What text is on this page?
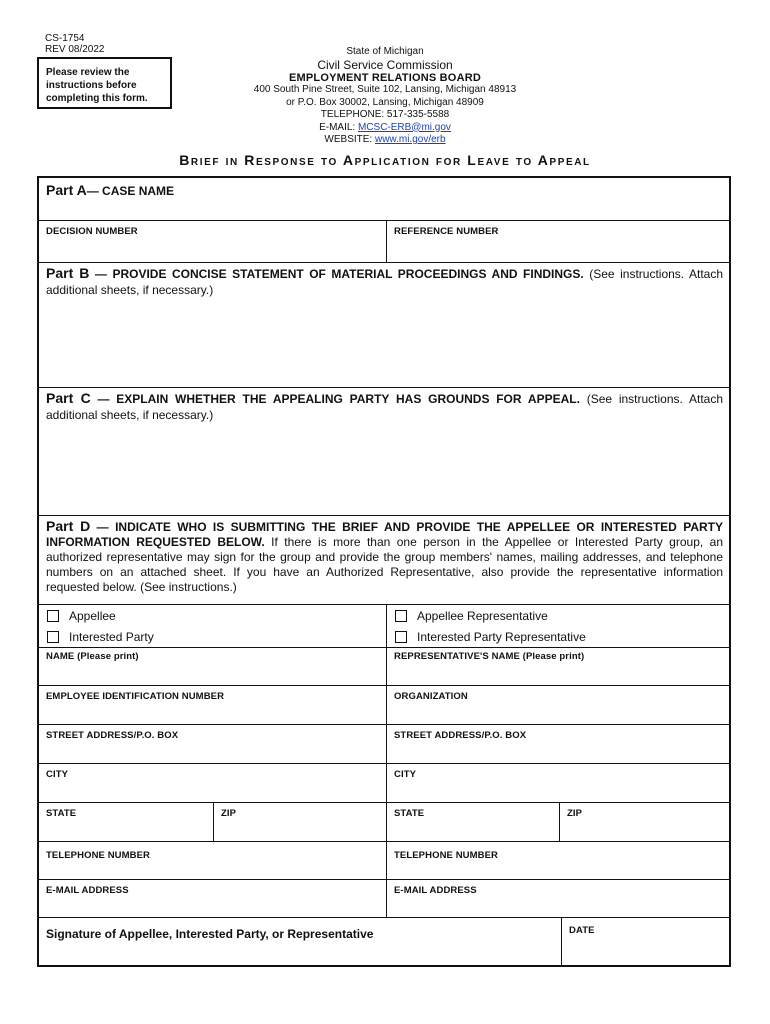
CS-1754
REV 08/2022
Please review the instructions before completing this form.
State of Michigan
Civil Service Commission
EMPLOYMENT RELATIONS BOARD
400 South Pine Street, Suite 102, Lansing, Michigan 48913
or P.O. Box 30002, Lansing, Michigan 48909
TELEPHONE: 517-335-5588
E-MAIL: MCSC-ERB@mi.gov
WEBSITE: www.mi.gov/erb
Brief in Response to Application for Leave to Appeal
Part A— CASE NAME
DECISION NUMBER	REFERENCE NUMBER
Part B — PROVIDE CONCISE STATEMENT OF MATERIAL PROCEEDINGS AND FINDINGS. (See instructions. Attach additional sheets, if necessary.)
Part C — EXPLAIN WHETHER THE APPEALING PARTY HAS GROUNDS FOR APPEAL. (See instructions. Attach additional sheets, if necessary.)
Part D — INDICATE WHO IS SUBMITTING THE BRIEF AND PROVIDE THE APPELLEE OR INTERESTED PARTY INFORMATION REQUESTED BELOW. If there is more than one person in the Appellee or Interested Party group, an authorized representative may sign for the group and provide the group members' names, mailing addresses, and telephone numbers on an attached sheet. If you have an Authorized Representative, also provide the representative information requested below. (See instructions.)
Appellee
Interested Party
Appellee Representative
Interested Party Representative
NAME (Please print)	REPRESENTATIVE'S NAME (Please print)
EMPLOYEE IDENTIFICATION NUMBER	ORGANIZATION
STREET ADDRESS/P.O. BOX	STREET ADDRESS/P.O. BOX
CITY	CITY
STATE	ZIP	STATE	ZIP
TELEPHONE NUMBER	TELEPHONE NUMBER
E-MAIL ADDRESS	E-MAIL ADDRESS
Signature of Appellee, Interested Party, or Representative	DATE
